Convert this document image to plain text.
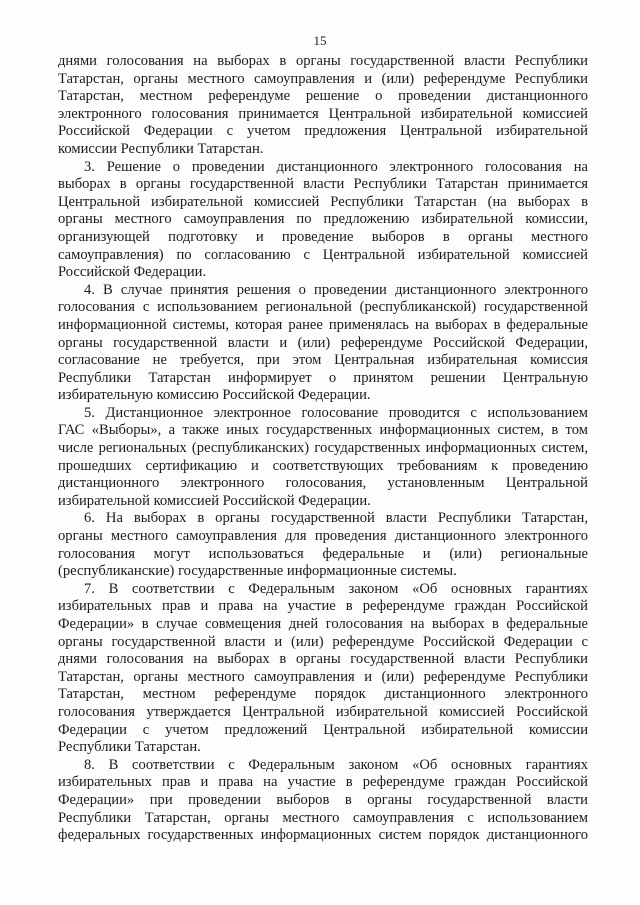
15

днями голосования на выборах в органы государственной власти Республики
Татарстан, органы местного самоуправления и (или) референдуме Республики
Татарстан, местном референдуме решение о проведении дистанционного
электронного голосования принимается Центральной избирательной комиссией
Российской Федерации с учетом предложения Центральной избирательной
комиссии Республики Татарстан.

3. Решение о проведении дистанционного электронного голосования на
выборах в органы государственной власти Республики Татарстан принимается
Центральной избирательной комиссией Республики Татарстан (на выборах в
органы местного самоуправления по предложению избирательной комиссии,
организующей подготовку и проведение выборов в органы местного
самоуправления) по согласованию с Центральной избирательной комиссией
Российской Федерации.

4. В случае принятия решения о проведении дистанционного электронного
голосования с использованием региональной (республиканской) государственной
информационной системы, которая ранее применялась на выборах в федеральные
органы государственной власти и (или) референдуме Российской Федерации,
согласование не требуется, при этом Центральная избирательная комиссия
Республики Татарстан информирует о принятом решении Центральную
избирательную комиссию Российской Федерации.

5. Дистанционное электронное голосование проводится с использованием
ГАС «Выборы», а также иных государственных информационных систем, в том
числе региональных (республиканских) государственных информационных систем,
прошедших сертификацию и соответствующих требованиям к проведению
дистанционного электронного голосования, установленным Центральной
избирательной комиссией Российской Федерации.

6. На выборах в органы государственной власти Республики Татарстан,
органы местного самоуправления для проведения дистанционного электронного
голосования могут использоваться федеральные и (или) региональные
(республиканские) государственные информационные системы.

7. В соответствии с Федеральным законом «Об основных гарантиях
избирательных прав и права на участие в референдуме граждан Российской
Федерации» в случае совмещения дней голосования на выборах в федеральные
органы государственной власти и (или) референдуме Российской Федерации с
днями голосования на выборах в органы государственной власти Республики
Татарстан, органы местного самоуправления и (или) референдуме Республики
Татарстан, местном референдуме порядок дистанционного электронного
голосования утверждается Центральной избирательной комиссией Российской
Федерации с учетом предложений Центральной избирательной комиссии
Республики Татарстан.

8. В соответствии с Федеральным законом «Об основных гарантиях
избирательных прав и права на участие в референдуме граждан Российской
Федерации» при проведении выборов в органы государственной власти
Республики Татарстан, органы местного самоуправления с использованием
федеральных государственных информационных систем порядок дистанционного
